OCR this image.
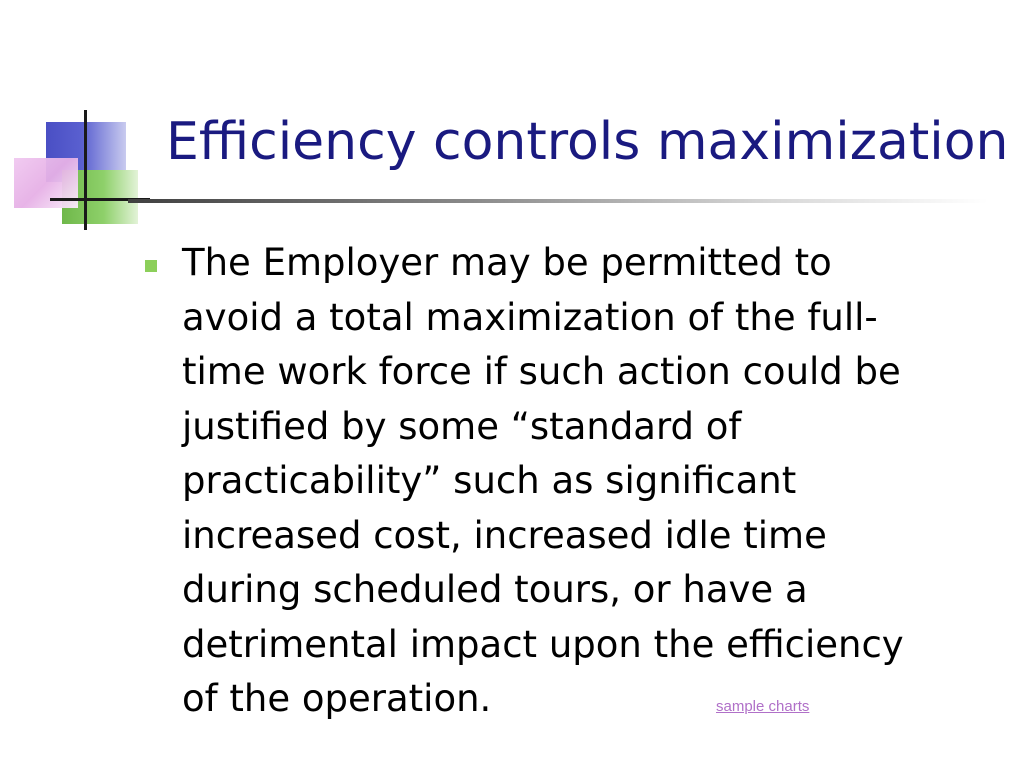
Efficiency controls maximization
The Employer may be permitted to
avoid a total maximization of the full-
time work force if such action could be
justified by some “standard of
practicability” such as significant
increased cost, increased idle time
during scheduled tours, or have a
detrimental impact upon the efficiency
of the operation.	sample charts
